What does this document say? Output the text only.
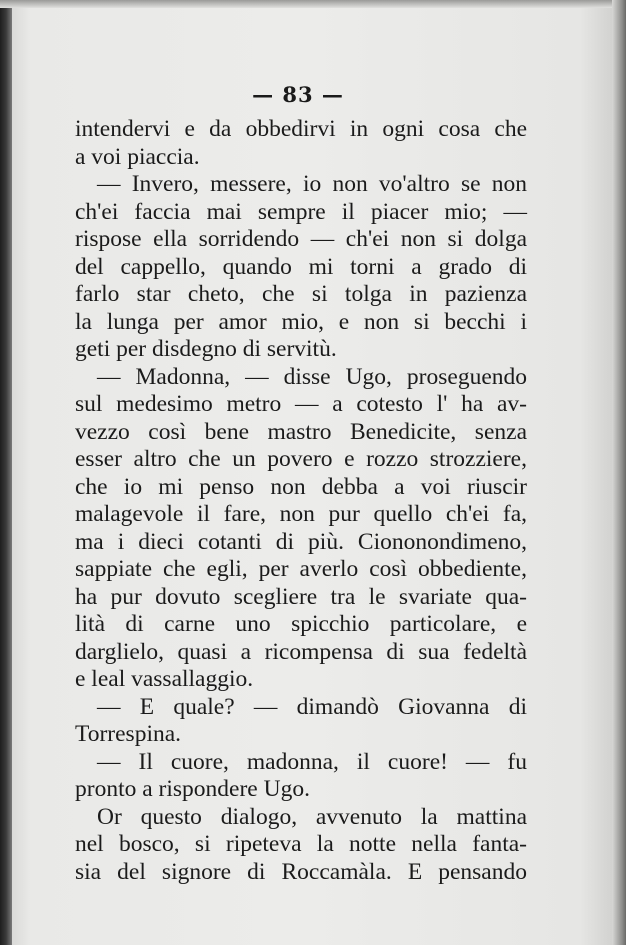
— 83 —
intendervi e da obbedirvi in ogni cosa che
a voi piaccia.
— Invero, messere, io non vo'altro se non
ch'ei faccia mai sempre il piacer mio; —
rispose ella sorridendo — ch'ei non si dolga
del cappello, quando mi torni a grado di
farlo star cheto, che si tolga in pazienza
la lunga per amor mio, e non si becchi i
geti per disdegno di servitù.
— Madonna, — disse Ugo, proseguendo
sul medesimo metro — a cotesto l' ha av-
vezzo così bene mastro Benedicite, senza
esser altro che un povero e rozzo strozziere,
che io mi penso non debba a voi riuscir
malagevole il fare, non pur quello ch'ei fa,
ma i dieci cotanti di più. Ciononondimeno,
sappiate che egli, per averlo così obbediente,
ha pur dovuto scegliere tra le svariate qua-
lità di carne uno spicchio particolare, e
darglielo, quasi a ricompensa di sua fedeltà
e leal vassallaggio.
— E quale? — dimandò Giovanna di
Torrespina.
— Il cuore, madonna, il cuore! — fu
pronto a rispondere Ugo.
Or questo dialogo, avvenuto la mattina
nel bosco, si ripeteva la notte nella fanta-
sia del signore di Roccamàla. E pensando
